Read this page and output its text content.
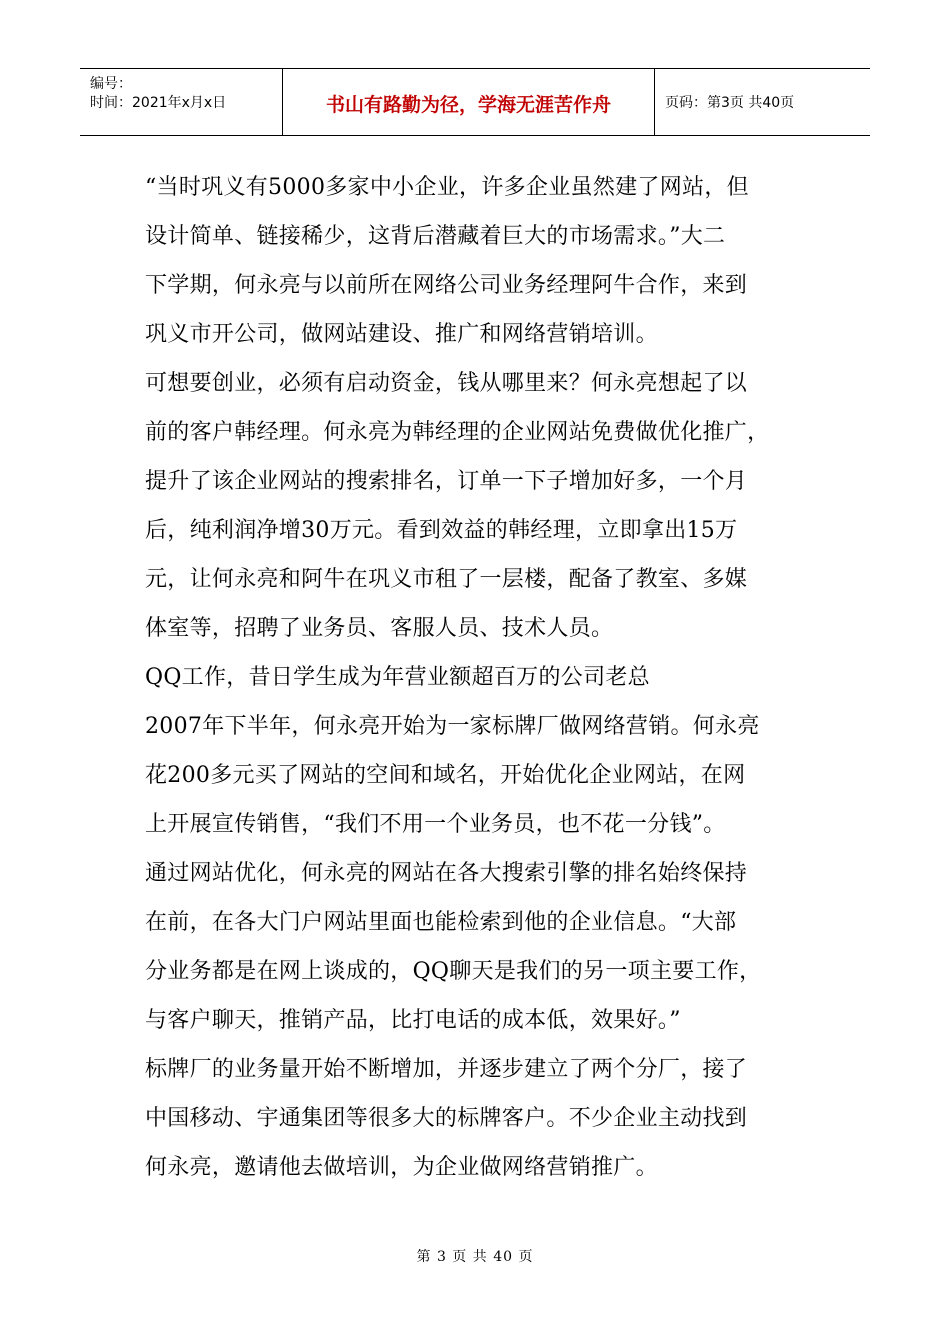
编号：
时间：2021年x月x日	书山有路勤为径，学海无涯苦作舟	页码：第3页 共40页
“当时巩义有5000多家中小企业，许多企业虽然建了网站，但
设计简单、链接稀少，这背后潜藏着巨大的市场需求。”大二
下学期，何永亮与以前所在网络公司业务经理阿牛合作，来到
巩义市开公司，做网站建设、推广和网络营销培训。
可想要创业，必须有启动资金，钱从哪里来？何永亮想起了以
前的客户韩经理。何永亮为韩经理的企业网站免费做优化推广，
提升了该企业网站的搜索排名，订单一下子增加好多，一个月
后，纯利润净增30万元。看到效益的韩经理，立即拿出15万
元，让何永亮和阿牛在巩义市租了一层楼，配备了教室、多媒
体室等，招聘了业务员、客服人员、技术人员。
QQ工作，昔日学生成为年营业额超百万的公司老总
2007年下半年，何永亮开始为一家标牌厂做网络营销。何永亮
花200多元买了网站的空间和域名，开始优化企业网站，在网
上开展宣传销售，“我们不用一个业务员，也不花一分钱”。
通过网站优化，何永亮的网站在各大搜索引擎的排名始终保持
在前，在各大门户网站里面也能检索到他的企业信息。“大部
分业务都是在网上谈成的，QQ聊天是我们的另一项主要工作，
与客户聊天，推销产品，比打电话的成本低，效果好。”
标牌厂的业务量开始不断增加，并逐步建立了两个分厂，接了
中国移动、宇通集团等很多大的标牌客户。不少企业主动找到
何永亮，邀请他去做培训，为企业做网络营销推广。
第 3 页 共 40 页
